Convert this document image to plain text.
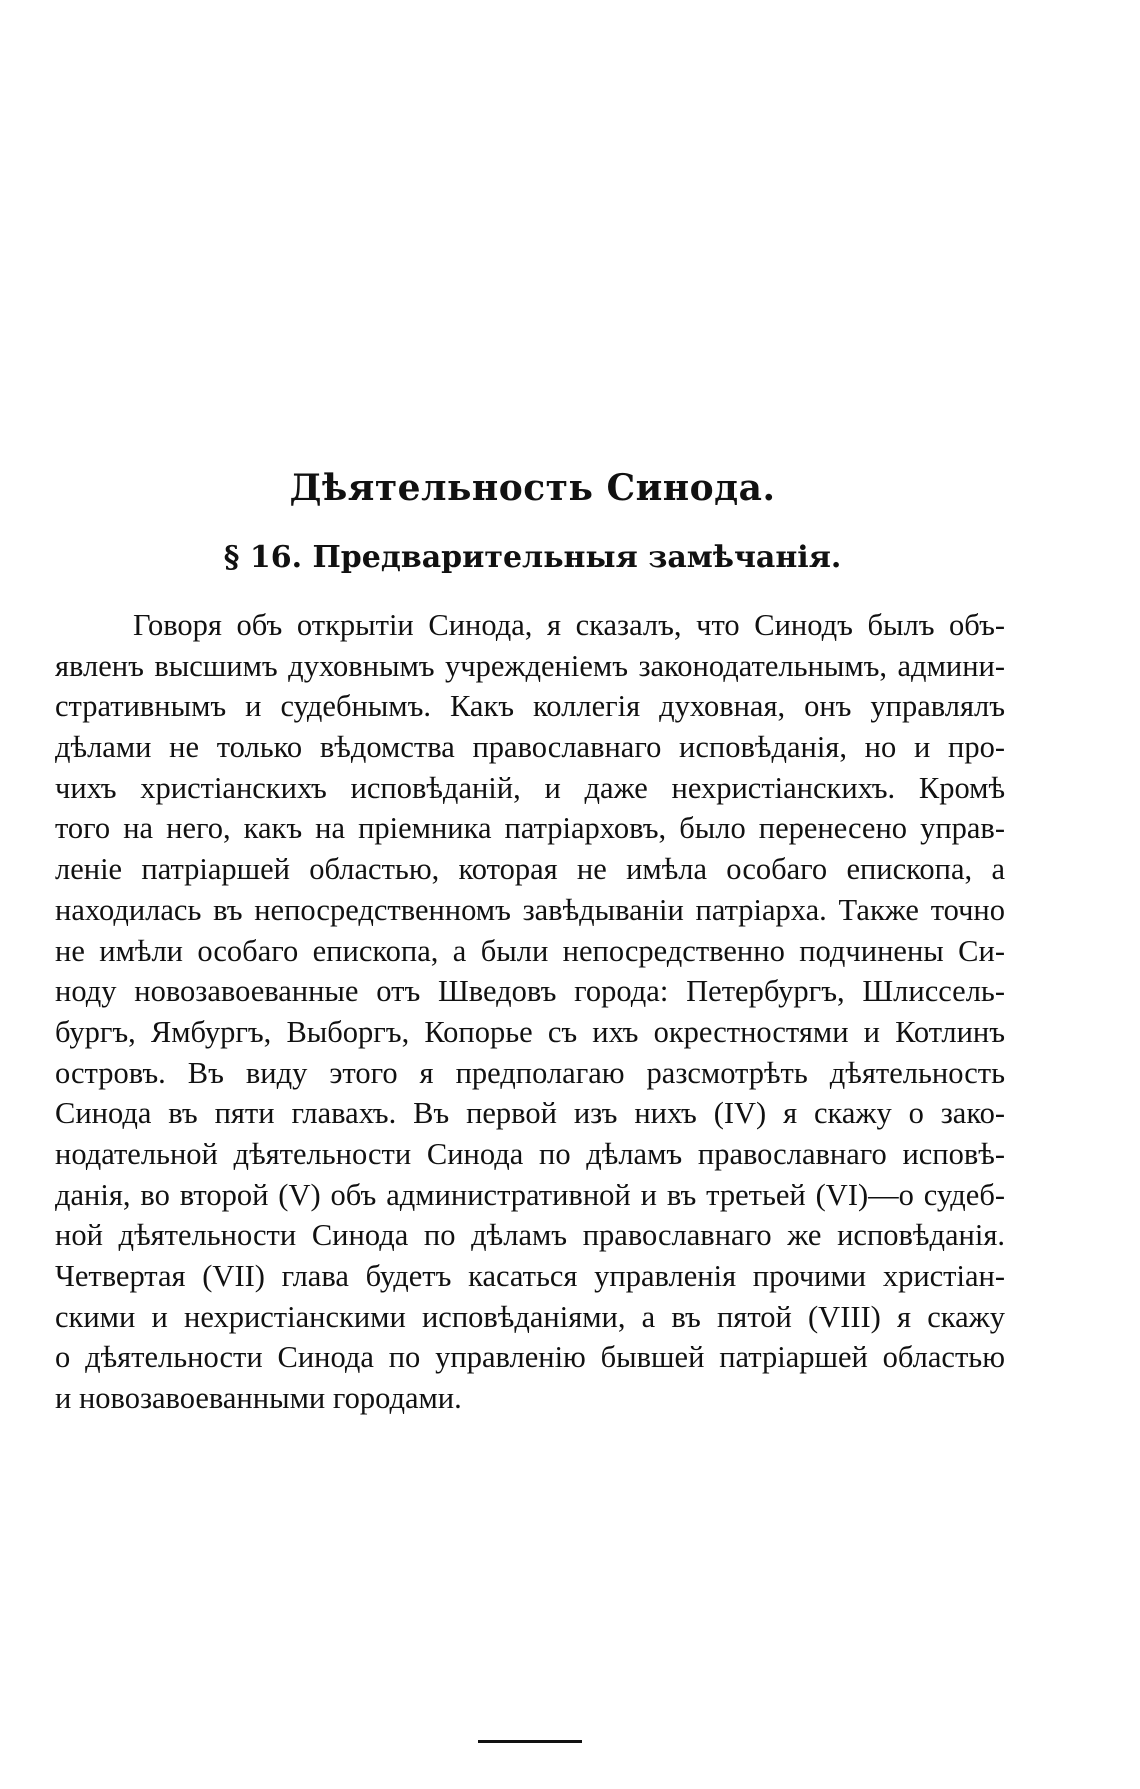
Дѣятельность Синода.
§ 16. Предварительныя замѣчанія.
Говоря объ открытіи Синода, я сказалъ, что Синодъ былъ объ-
явленъ высшимъ духовнымъ учрежденіемъ законодательнымъ, админи-
стративнымъ и судебнымъ. Какъ коллегія духовная, онъ управлялъ
дѣлами не только вѣдомства православнаго исповѣданія, но и про-
чихъ христіанскихъ исповѣданій, и даже нехристіанскихъ. Кромѣ
того на него, какъ на пріемника патріарховъ, было перенесено управ-
леніе патріаршей областью, которая не имѣла особаго епископа, а
находилась въ непосредственномъ завѣдываніи патріарха. Также точно
не имѣли особаго епископа, а были непосредственно подчинены Си-
ноду новозавоеванные отъ Шведовъ города: Петербургъ, Шлиссель-
бургъ, Ямбургъ, Выборгъ, Копорье съ ихъ окрестностями и Котлинъ
островъ. Въ виду этого я предполагаю разсмотрѣть дѣятельность
Синода въ пяти главахъ. Въ первой изъ нихъ (IV) я скажу о зако-
нодательной дѣятельности Синода по дѣламъ православнаго исповѣ-
данія, во второй (V) объ административной и въ третьей (VI)—о судеб-
ной дѣятельности Синода по дѣламъ православнаго же исповѣданія.
Четвертая (VII) глава будетъ касаться управленія прочими христіан-
скими и нехристіанскими исповѣданіями, а въ пятой (VIII) я скажу
о дѣятельности Синода по управленію бывшей патріаршей областью
и новозавоеванными городами.
